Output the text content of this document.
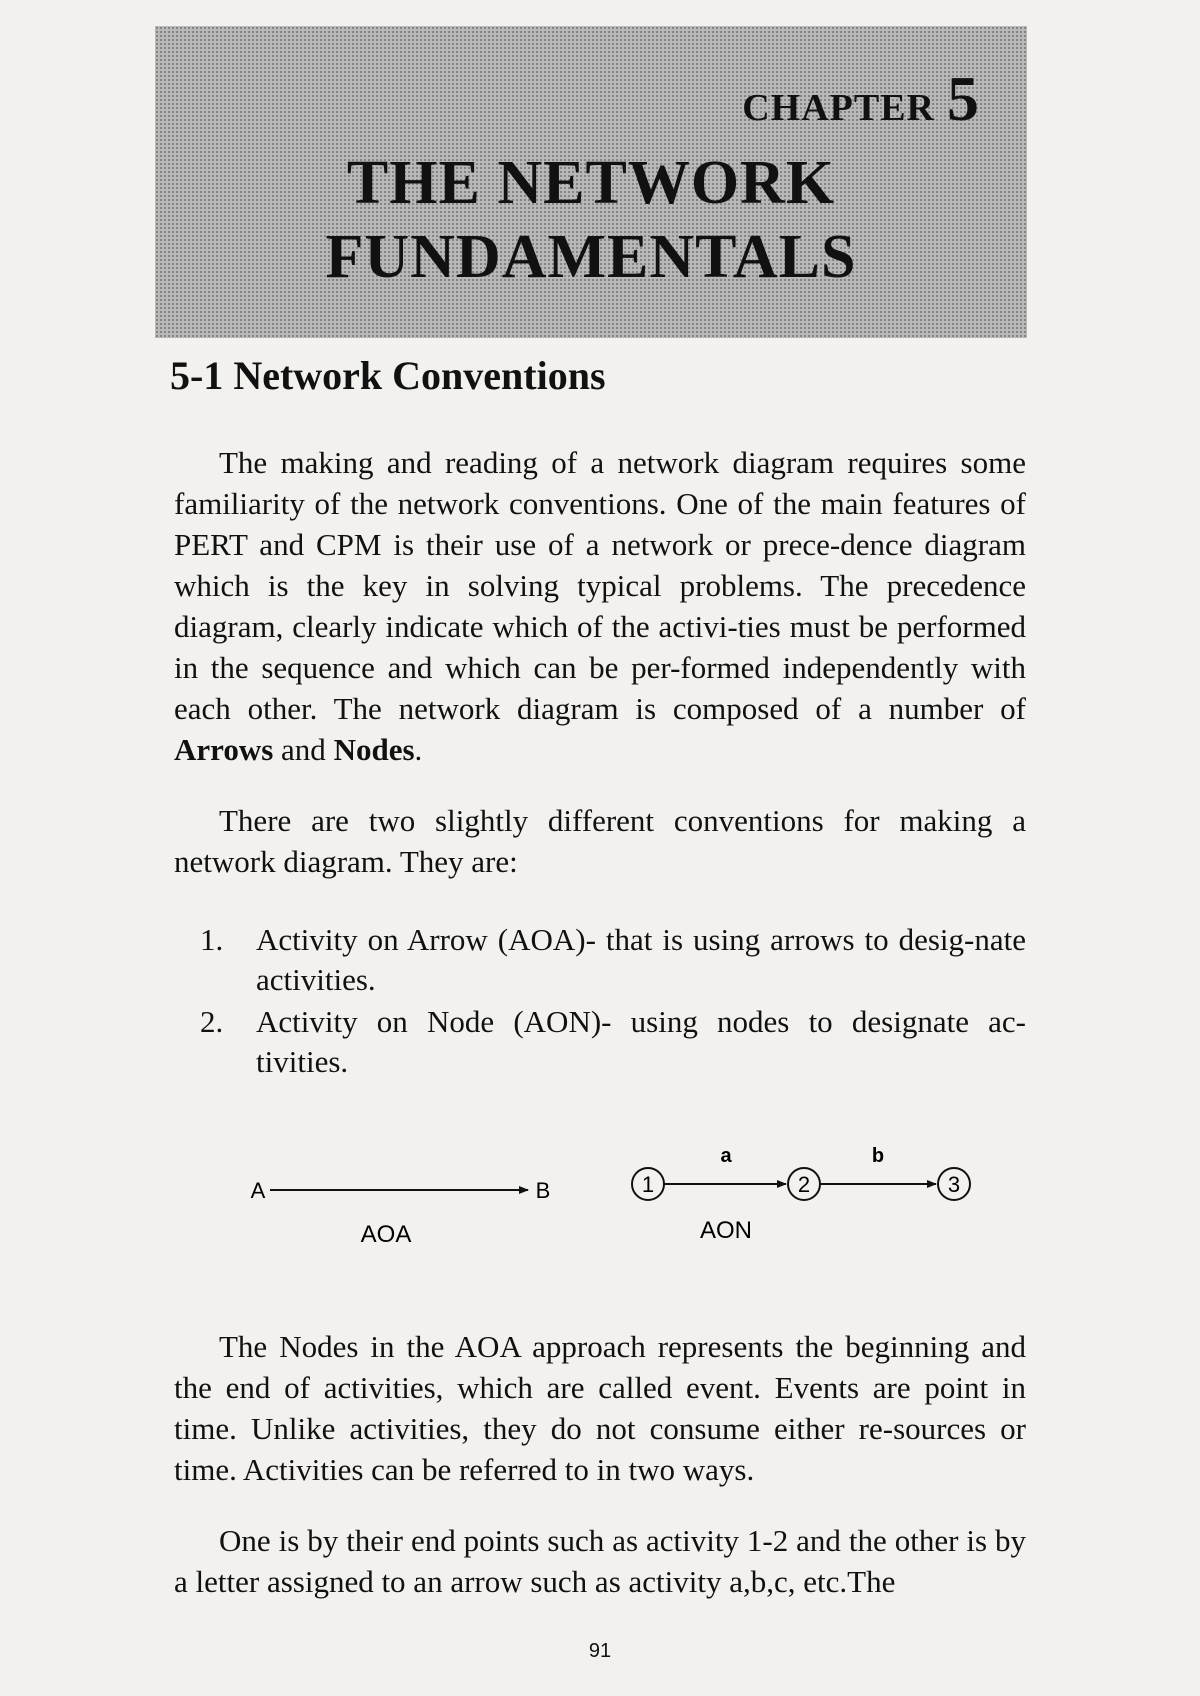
CHAPTER 5
THE NETWORK
FUNDAMENTALS
5-1 Network Conventions

The making and reading of a network diagram requires some familiarity of the network conventions. One of the main features of PERT and CPM is their use of a network or prece-dence diagram which is the key in solving typical problems. The precedence diagram, clearly indicate which of the activi-ties must be performed in the sequence and which can be per-formed independently with each other. The network diagram is composed of a number of Arrows and Nodes.

There are two slightly different conventions for making a network diagram. They are:

1.	Activity on Arrow (AOA)- that is using arrows to desig-nate activities.
2.	Activity on Node (AON)- using nodes to designate ac-tivities.
A	B
AOA
1
a
2
b
3
AON

The Nodes in the AOA approach represents the beginning and the end of activities, which are called event. Events are point in time. Unlike activities, they do not consume either re-sources or time. Activities can be referred to in two ways.

One is by their end points such as activity 1-2 and the other is by a letter assigned to an arrow such as activity a,b,c, etc.The

91
